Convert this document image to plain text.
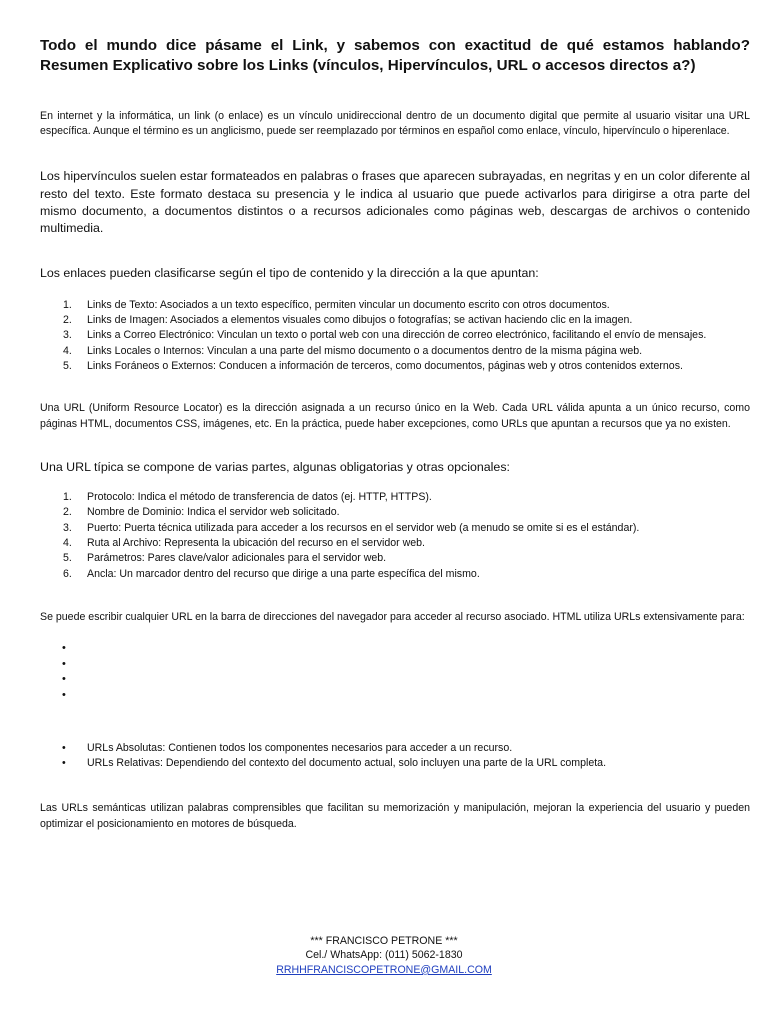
Todo el mundo dice pásame el Link, y sabemos con exactitud de qué estamos hablando?
Resumen Explicativo sobre los Links (vínculos, Hipervínculos, URL o accesos directos a?)

En internet y la informática, un link (o enlace) es un vínculo unidireccional dentro de un documento digital que permite al usuario visitar una URL específica. Aunque el término es un anglicismo, puede ser reemplazado por términos en español como enlace, vínculo, hipervínculo o hiperenlace.

Los hipervínculos suelen estar formateados en palabras o frases que aparecen subrayadas, en negritas y en un color diferente al resto del texto. Este formato destaca su presencia y le indica al usuario que puede activarlos para dirigirse a otra parte del mismo documento, a documentos distintos o a recursos adicionales como páginas web, descargas de archivos o contenido multimedia.

Los enlaces pueden clasificarse según el tipo de contenido y la dirección a la que apuntan:

1. Links de Texto: Asociados a un texto específico, permiten vincular un documento escrito con otros documentos.
2. Links de Imagen: Asociados a elementos visuales como dibujos o fotografías; se activan haciendo clic en la imagen.
3. Links a Correo Electrónico: Vinculan un texto o portal web con una dirección de correo electrónico, facilitando el envío de mensajes.
4. Links Locales o Internos: Vinculan a una parte del mismo documento o a documentos dentro de la misma página web.
5. Links Foráneos o Externos: Conducen a información de terceros, como documentos, páginas web y otros contenidos externos.

Una URL (Uniform Resource Locator) es la dirección asignada a un recurso único en la Web. Cada URL válida apunta a un único recurso, como páginas HTML, documentos CSS, imágenes, etc. En la práctica, puede haber excepciones, como URLs que apuntan a recursos que ya no existen.

Una URL típica se compone de varias partes, algunas obligatorias y otras opcionales:

1. Protocolo: Indica el método de transferencia de datos (ej. HTTP, HTTPS).
2. Nombre de Dominio: Indica el servidor web solicitado.
3. Puerto: Puerta técnica utilizada para acceder a los recursos en el servidor web (a menudo se omite si es el estándar).
4. Ruta al Archivo: Representa la ubicación del recurso en el servidor web.
5. Parámetros: Pares clave/valor adicionales para el servidor web.
6. Ancla: Un marcador dentro del recurso que dirige a una parte específica del mismo.

Se puede escribir cualquier URL en la barra de direcciones del navegador para acceder al recurso asociado. HTML utiliza URLs extensivamente para:

•
•
•
•
• URLs Absolutas: Contienen todos los componentes necesarios para acceder a un recurso.
• URLs Relativas: Dependiendo del contexto del documento actual, solo incluyen una parte de la URL completa.

Las URLs semánticas utilizan palabras comprensibles que facilitan su memorización y manipulación, mejoran la experiencia del usuario y pueden optimizar el posicionamiento en motores de búsqueda.

*** FRANCISCO PETRONE ***
Cel./ WhatsApp: (011) 5062-1830
RRHHFRANCISCOPETRONE@GMAIL.COM
